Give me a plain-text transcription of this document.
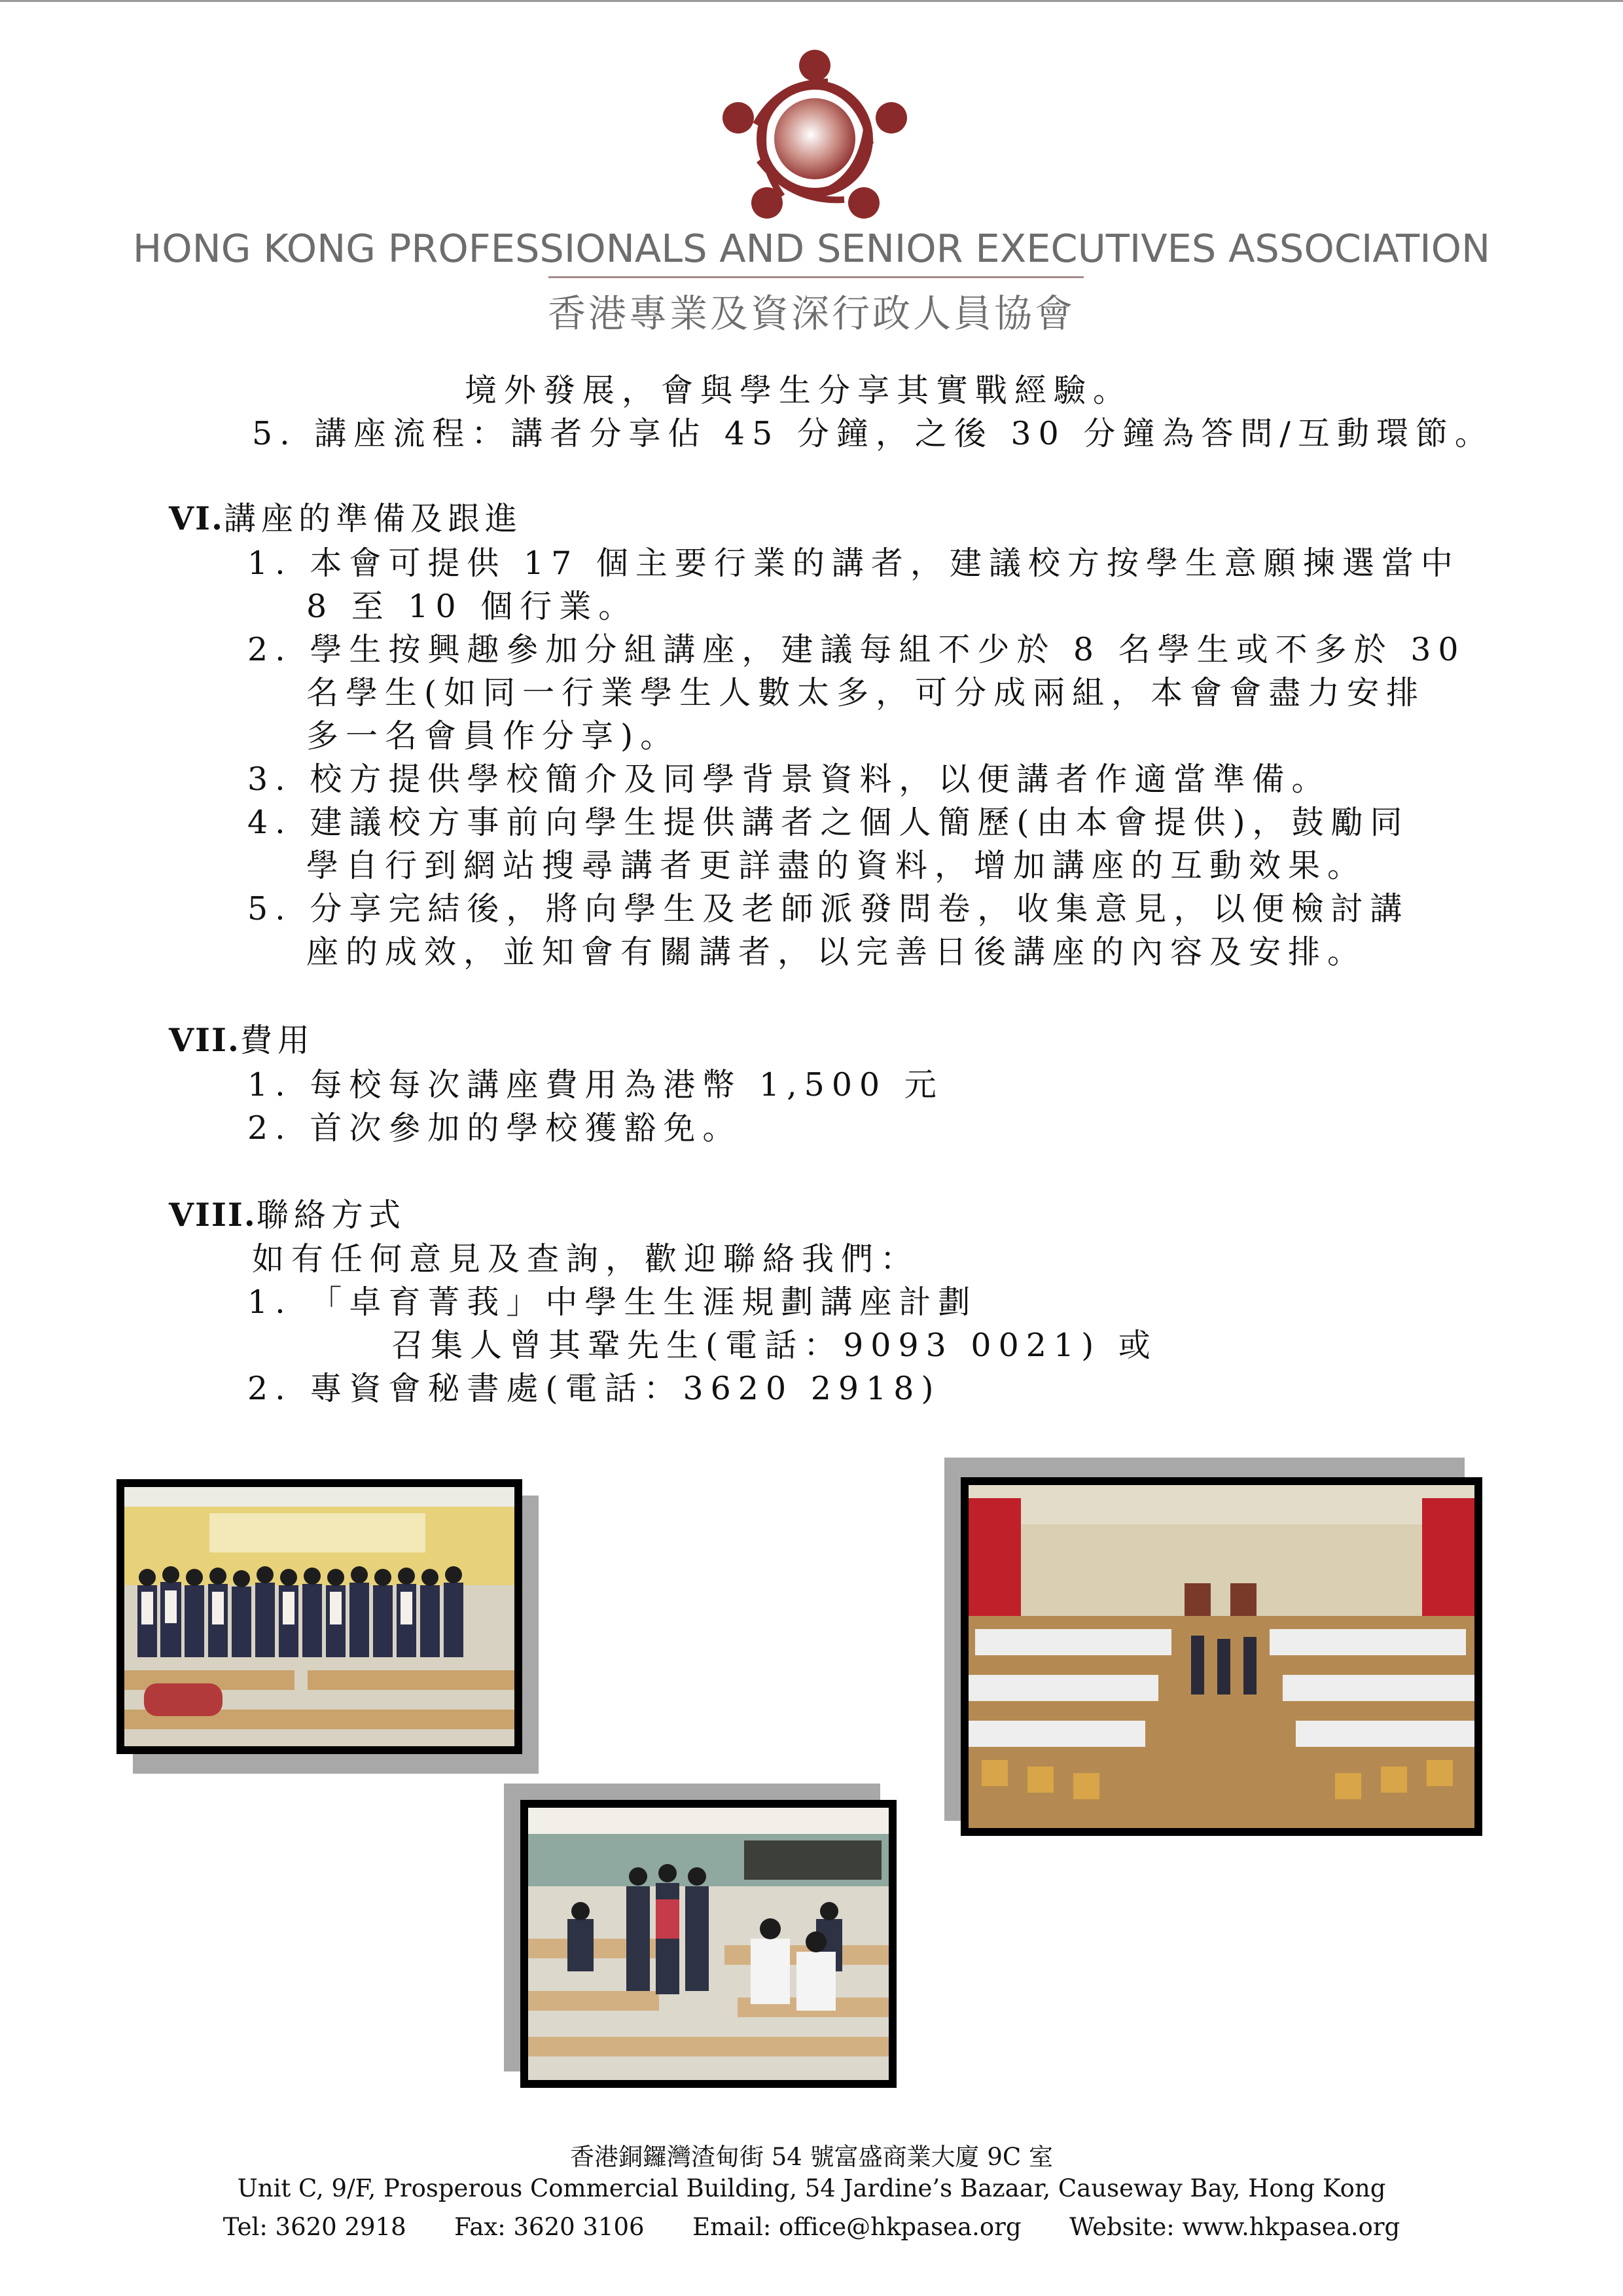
HONG KONG PROFESSIONALS AND SENIOR EXECUTIVES ASSOCIATION
香港專業及資深行政人員協會
境外發展，會與學生分享其實戰經驗。
5. 講座流程：講者分享佔 45 分鐘，之後 30 分鐘為答問/互動環節。
VI.講座的準備及跟進
1. 本會可提供 17 個主要行業的講者，建議校方按學生意願揀選當中
8 至 10 個行業。
2. 學生按興趣參加分組講座，建議每組不少於 8 名學生或不多於 30
名學生(如同一行業學生人數太多，可分成兩組，本會會盡力安排
多一名會員作分享)。
3. 校方提供學校簡介及同學背景資料，以便講者作適當準備。
4. 建議校方事前向學生提供講者之個人簡歷(由本會提供)，鼓勵同
學自行到網站搜尋講者更詳盡的資料，增加講座的互動效果。
5. 分享完結後，將向學生及老師派發問卷，收集意見，以便檢討講
座的成效，並知會有關講者，以完善日後講座的內容及安排。
VII.費用
1. 每校每次講座費用為港幣 1,500 元
2. 首次參加的學校獲豁免。
VIII.聯絡方式
如有任何意見及查詢，歡迎聯絡我們：
1. 「卓育菁莪」中學生生涯規劃講座計劃
召集人曾其鞏先生(電話：9093 0021) 或
2. 專資會秘書處(電話：3620 2918)
香港銅鑼灣渣甸街 54 號富盛商業大廈 9C 室
Unit C, 9/F, Prosperous Commercial Building, 54 Jardine’s Bazaar, Causeway Bay, Hong Kong
Tel: 3620 2918 Fax: 3620 3106 Email: office@hkpasea.org Website: www.hkpasea.org
